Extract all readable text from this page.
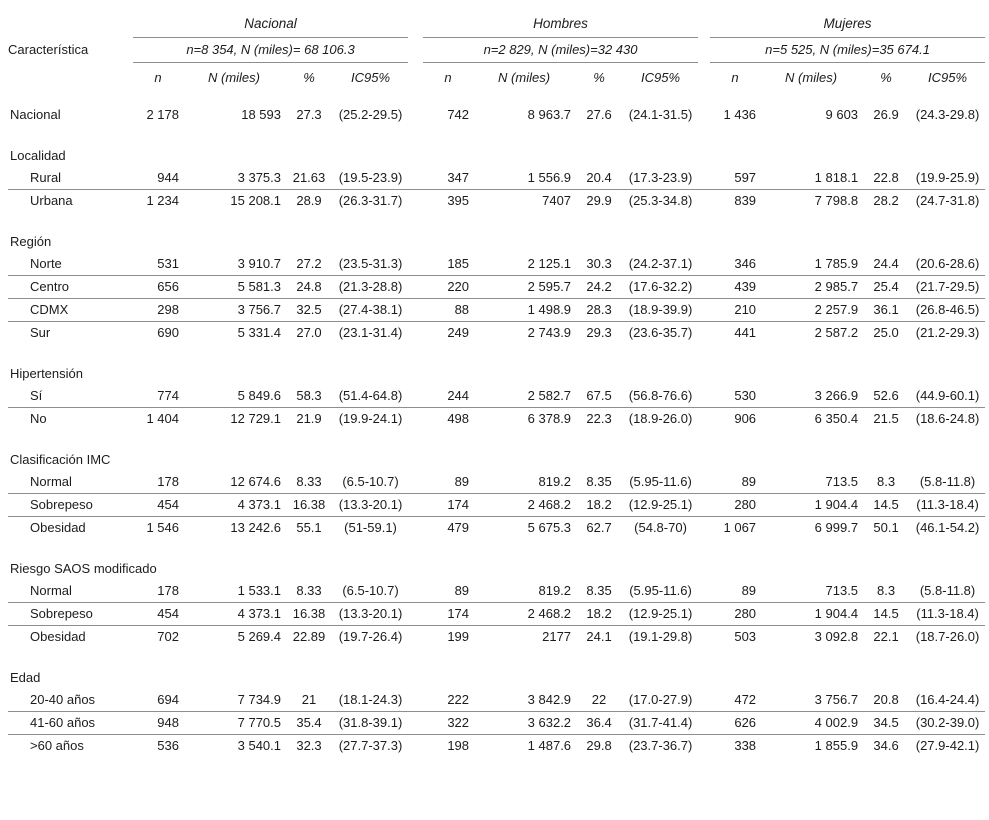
	Nacional					Hombres					Mujeres			
Característica	n=8 354, N (miles)= 68 106.3					n=2 829, N (miles)=32 430					n=5 525, N (miles)=35 674.1			
	n	N (miles)	%	IC95%		n	N (miles)	%	IC95%		n	N (miles)	%	IC95%

Nacional	2 178	18 593	27.3	(25.2-29.5)		742	8 963.7	27.6	(24.1-31.5)		1 436	9 603	26.9	(24.3-29.8)

Localidad														
Rural	944	3 375.3	21.63	(19.5-23.9)		347	1 556.9	20.4	(17.3-23.9)		597	1 818.1	22.8	(19.9-25.9)
Urbana	1 234	15 208.1	28.9	(26.3-31.7)		395	7407	29.9	(25.3-34.8)		839	7 798.8	28.2	(24.7-31.8)

Región														
Norte	531	3 910.7	27.2	(23.5-31.3)		185	2 125.1	30.3	(24.2-37.1)		346	1 785.9	24.4	(20.6-28.6)
Centro	656	5 581.3	24.8	(21.3-28.8)		220	2 595.7	24.2	(17.6-32.2)		439	2 985.7	25.4	(21.7-29.5)
CDMX	298	3 756.7	32.5	(27.4-38.1)		88	1 498.9	28.3	(18.9-39.9)		210	2 257.9	36.1	(26.8-46.5)
Sur	690	5 331.4	27.0	(23.1-31.4)		249	2 743.9	29.3	(23.6-35.7)		441	2 587.2	25.0	(21.2-29.3)

Hipertensión														
Sí	774	5 849.6	58.3	(51.4-64.8)		244	2 582.7	67.5	(56.8-76.6)		530	3 266.9	52.6	(44.9-60.1)
No	1 404	12 729.1	21.9	(19.9-24.1)		498	6 378.9	22.3	(18.9-26.0)		906	6 350.4	21.5	(18.6-24.8)

Clasificación IMC														
Normal	178	12 674.6	8.33	(6.5-10.7)		89	819.2	8.35	(5.95-11.6)		89	713.5	8.3	(5.8-11.8)
Sobrepeso	454	4 373.1	16.38	(13.3-20.1)		174	2 468.2	18.2	(12.9-25.1)		280	1 904.4	14.5	(11.3-18.4)
Obesidad	1 546	13 242.6	55.1	(51-59.1)		479	5 675.3	62.7	(54.8-70)		1 067	6 999.7	50.1	(46.1-54.2)

Riesgo SAOS modificado														
Normal	178	1 533.1	8.33	(6.5-10.7)		89	819.2	8.35	(5.95-11.6)		89	713.5	8.3	(5.8-11.8)
Sobrepeso	454	4 373.1	16.38	(13.3-20.1)		174	2 468.2	18.2	(12.9-25.1)		280	1 904.4	14.5	(11.3-18.4)
Obesidad	702	5 269.4	22.89	(19.7-26.4)		199	2177	24.1	(19.1-29.8)		503	3 092.8	22.1	(18.7-26.0)

Edad														
20-40 años	694	7 734.9	21	(18.1-24.3)		222	3 842.9	22	(17.0-27.9)		472	3 756.7	20.8	(16.4-24.4)
41-60 años	948	7 770.5	35.4	(31.8-39.1)		322	3 632.2	36.4	(31.7-41.4)		626	4 002.9	34.5	(30.2-39.0)
>60 años	536	3 540.1	32.3	(27.7-37.3)		198	1 487.6	29.8	(23.7-36.7)		338	1 855.9	34.6	(27.9-42.1)
